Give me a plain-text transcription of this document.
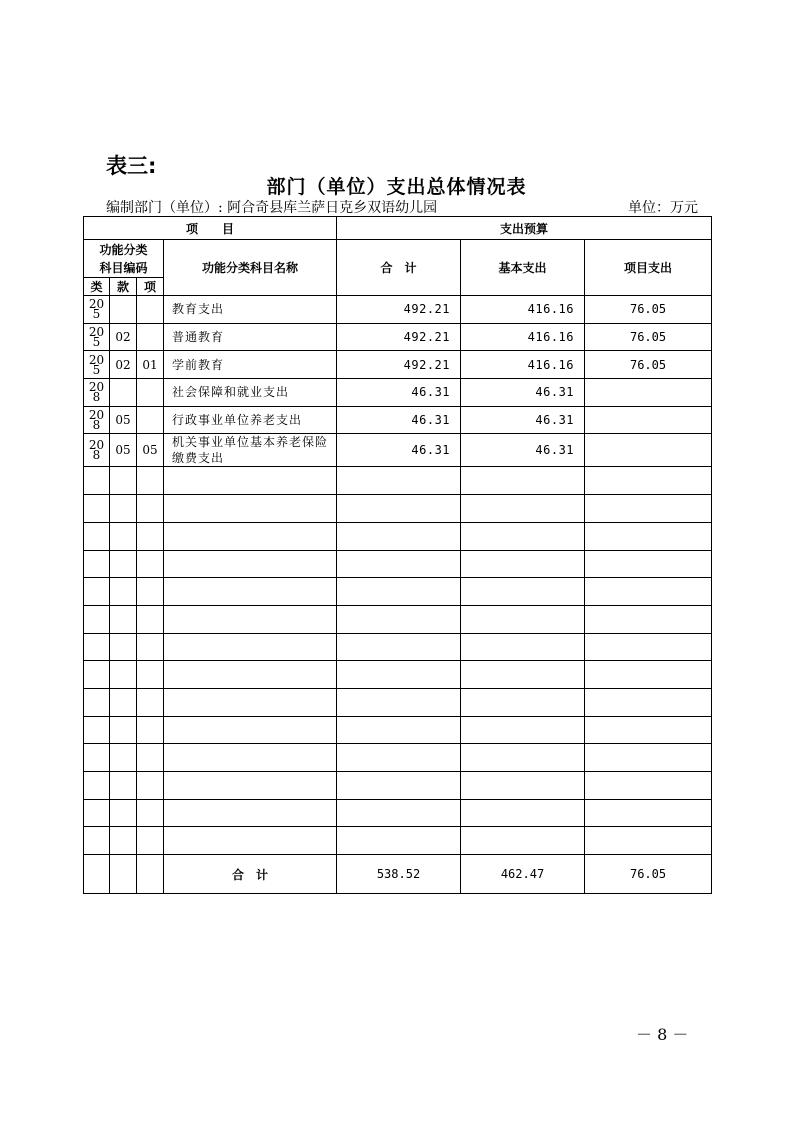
表三:
部门（单位）支出总体情况表
编制部门（单位）: 阿合奇县库兰萨日克乡双语幼儿园	单位：万元
项　　目				支出预算		

功能分类
科目编码			功能分类科目名称	合　计	基本支出	项目支出
类	款	项				
205			教育支出	492.21	416.16	76.05
205	02		普通教育	492.21	416.16	76.05
205	02	01	学前教育	492.21	416.16	76.05
208			社会保障和就业支出	46.31	46.31	
208	05		行政事业单位养老支出	46.31	46.31	
208	05	05	机关事业单位基本养老保险缴费支出	46.31	46.31	

			合　计	538.52	462.47	76.05
－ 8 －
